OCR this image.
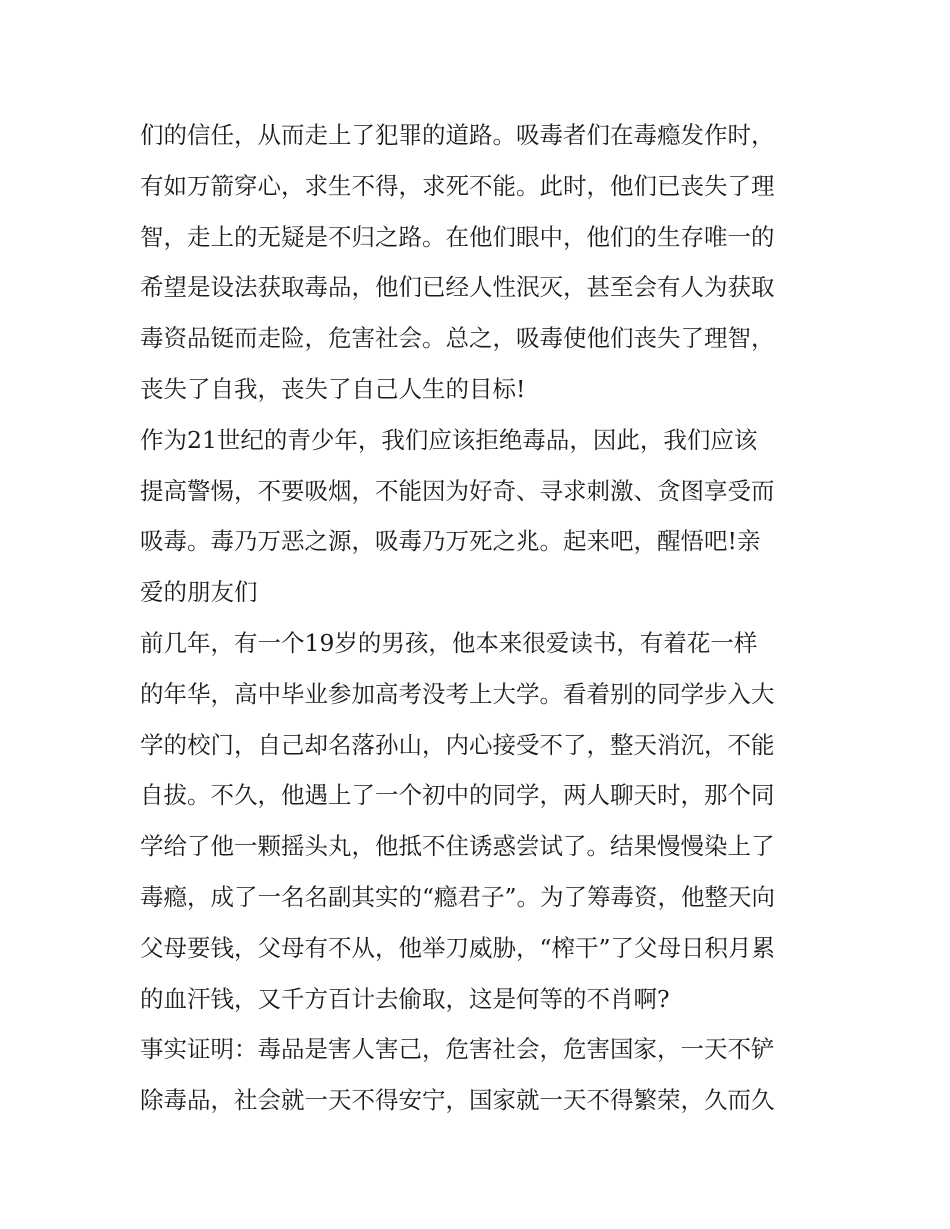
们的信任，从而走上了犯罪的道路。吸毒者们在毒瘾发作时，
有如万箭穿心，求生不得，求死不能。此时，他们已丧失了理
智，走上的无疑是不归之路。在他们眼中，他们的生存唯一的
希望是设法获取毒品，他们已经人性泯灭，甚至会有人为获取
毒资品铤而走险，危害社会。总之，吸毒使他们丧失了理智，
丧失了自我，丧失了自己人生的目标!
作为21世纪的青少年，我们应该拒绝毒品，因此，我们应该
提高警惕，不要吸烟，不能因为好奇、寻求刺激、贪图享受而
吸毒。毒乃万恶之源，吸毒乃万死之兆。起来吧，醒悟吧!亲
爱的朋友们
前几年，有一个19岁的男孩，他本来很爱读书，有着花一样
的年华，高中毕业参加高考没考上大学。看着别的同学步入大
学的校门，自己却名落孙山，内心接受不了，整天消沉，不能
自拔。不久，他遇上了一个初中的同学，两人聊天时，那个同
学给了他一颗摇头丸，他抵不住诱惑尝试了。结果慢慢染上了
毒瘾，成了一名名副其实的“瘾君子”。为了筹毒资，他整天向
父母要钱，父母有不从，他举刀威胁，“榨干”了父母日积月累
的血汗钱，又千方百计去偷取，这是何等的不肖啊?
事实证明：毒品是害人害己，危害社会，危害国家，一天不铲
除毒品，社会就一天不得安宁，国家就一天不得繁荣，久而久
